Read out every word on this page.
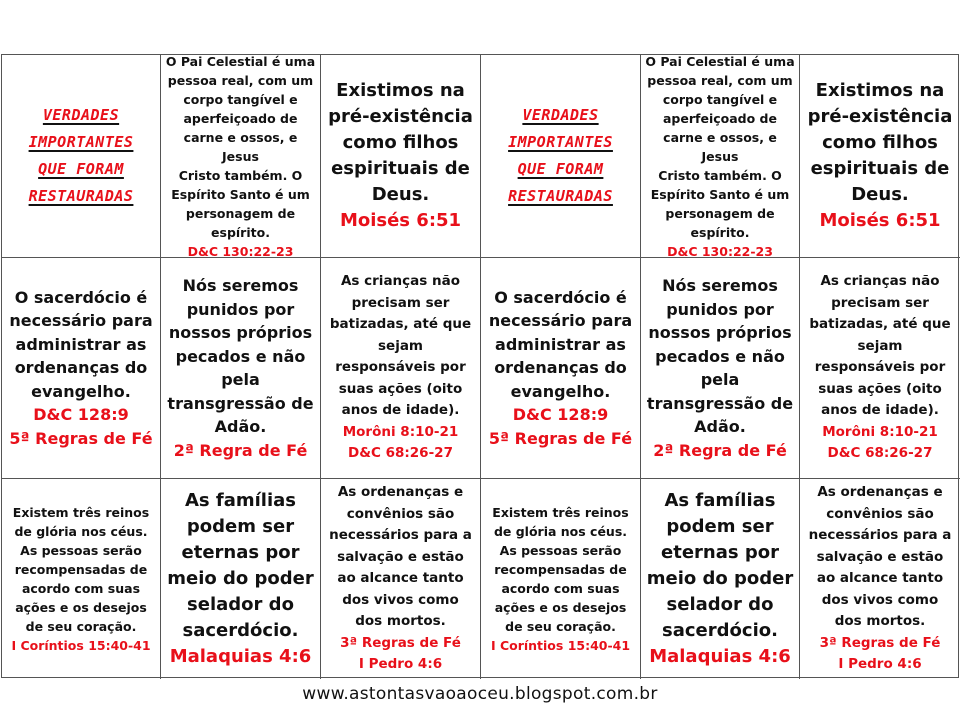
VERDADES
IMPORTANTES
QUE FORAM
RESTAURADAS
O Pai Celestial é uma
pessoa real, com um
corpo tangível e
aperfeiçoado de
carne e ossos, e Jesus
Cristo também. O
Espírito Santo é um
personagem de
espírito.
D&C 130:22-23
Existimos na
pré-existência
como filhos
espirituais de
Deus.
Moisés 6:51
VERDADES
IMPORTANTES
QUE FORAM
RESTAURADAS
O Pai Celestial é uma
pessoa real, com um
corpo tangível e
aperfeiçoado de
carne e ossos, e Jesus
Cristo também. O
Espírito Santo é um
personagem de
espírito.
D&C 130:22-23
Existimos na
pré-existência
como filhos
espirituais de
Deus.
Moisés 6:51
O sacerdócio é
necessário para
administrar as
ordenanças do
evangelho.
D&C 128:9
5ª Regras de Fé
Nós seremos
punidos por
nossos próprios
pecados e não
pela
transgressão de
Adão.
2ª Regra de Fé
As crianças não
precisam ser
batizadas, até que
sejam
responsáveis por
suas ações (oito
anos de idade).
Morôni 8:10-21
D&C 68:26-27
O sacerdócio é
necessário para
administrar as
ordenanças do
evangelho.
D&C 128:9
5ª Regras de Fé
Nós seremos
punidos por
nossos próprios
pecados e não
pela
transgressão de
Adão.
2ª Regra de Fé
As crianças não
precisam ser
batizadas, até que
sejam
responsáveis por
suas ações (oito
anos de idade).
Morôni 8:10-21
D&C 68:26-27
Existem três reinos
de glória nos céus.
As pessoas serão
recompensadas de
acordo com suas
ações e os desejos
de seu coração.
I Coríntios 15:40-41
As famílias
podem ser
eternas por
meio do poder
selador do
sacerdócio.
Malaquias 4:6
As ordenanças e
convênios são
necessários para a
salvação e estão
ao alcance tanto
dos vivos como
dos mortos.
3ª Regras de Fé
I Pedro 4:6
Existem três reinos
de glória nos céus.
As pessoas serão
recompensadas de
acordo com suas
ações e os desejos
de seu coração.
I Coríntios 15:40-41
As famílias
podem ser
eternas por
meio do poder
selador do
sacerdócio.
Malaquias 4:6
As ordenanças e
convênios são
necessários para a
salvação e estão
ao alcance tanto
dos vivos como
dos mortos.
3ª Regras de Fé
I Pedro 4:6
www.astontasvaoaoceu.blogspot.com.br
